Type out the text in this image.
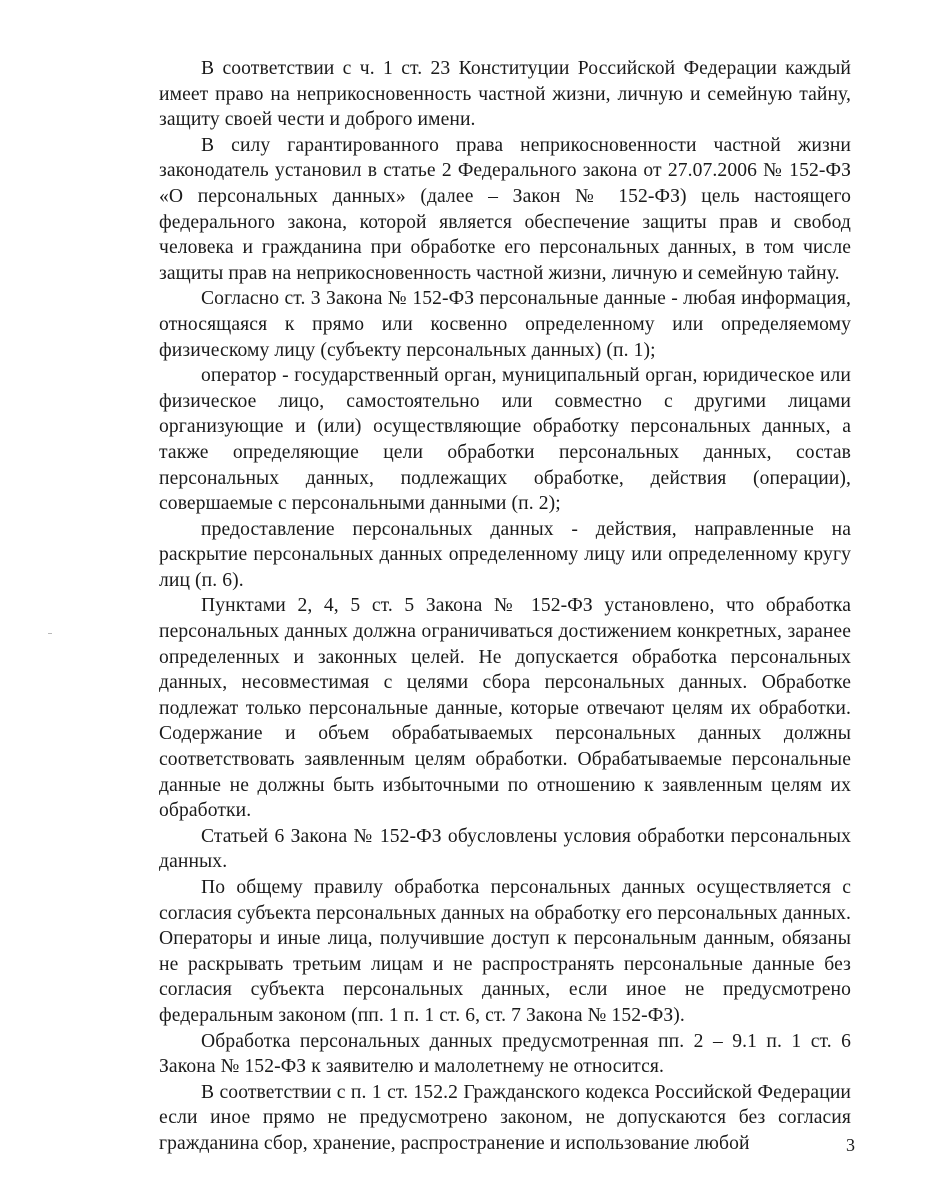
В соответствии с ч. 1 ст. 23 Конституции Российской Федерации каждый имеет право на неприкосновенность частной жизни, личную и семейную тайну, защиту своей чести и доброго имени.

В силу гарантированного права неприкосновенности частной жизни законодатель установил в статье 2 Федерального закона от 27.07.2006 № 152-ФЗ «О персональных данных» (далее – Закон № 152-ФЗ) цель настоящего федерального закона, которой является обеспечение защиты прав и свобод человека и гражданина при обработке его персональных данных, в том числе защиты прав на неприкосновенность частной жизни, личную и семейную тайну.

Согласно ст. 3 Закона № 152-ФЗ персональные данные - любая информация, относящаяся к прямо или косвенно определенному или определяемому физическому лицу (субъекту персональных данных) (п. 1);

оператор - государственный орган, муниципальный орган, юридическое или физическое лицо, самостоятельно или совместно с другими лицами организующие и (или) осуществляющие обработку персональных данных, а также определяющие цели обработки персональных данных, состав персональных данных, подлежащих обработке, действия (операции), совершаемые с персональными данными (п. 2);

предоставление персональных данных - действия, направленные на раскрытие персональных данных определенному лицу или определенному кругу лиц (п. 6).

Пунктами 2, 4, 5 ст. 5 Закона № 152-ФЗ установлено, что обработка персональных данных должна ограничиваться достижением конкретных, заранее определенных и законных целей. Не допускается обработка персональных данных, несовместимая с целями сбора персональных данных. Обработке подлежат только персональные данные, которые отвечают целям их обработки. Содержание и объем обрабатываемых персональных данных должны соответствовать заявленным целям обработки. Обрабатываемые персональные данные не должны быть избыточными по отношению к заявленным целям их обработки.

Статьей 6 Закона № 152-ФЗ обусловлены условия обработки персональных данных.

По общему правилу обработка персональных данных осуществляется с согласия субъекта персональных данных на обработку его персональных данных. Операторы и иные лица, получившие доступ к персональным данным, обязаны не раскрывать третьим лицам и не распространять персональные данные без согласия субъекта персональных данных, если иное не предусмотрено федеральным законом (пп. 1 п. 1 ст. 6, ст. 7 Закона № 152-ФЗ).

Обработка персональных данных предусмотренная пп. 2 – 9.1 п. 1 ст. 6 Закона № 152-ФЗ к заявителю и малолетнему не относится.

В соответствии с п. 1 ст. 152.2 Гражданского кодекса Российской Федерации если иное прямо не предусмотрено законом, не допускаются без согласия гражданина сбор, хранение, распространение и использование любой	3
